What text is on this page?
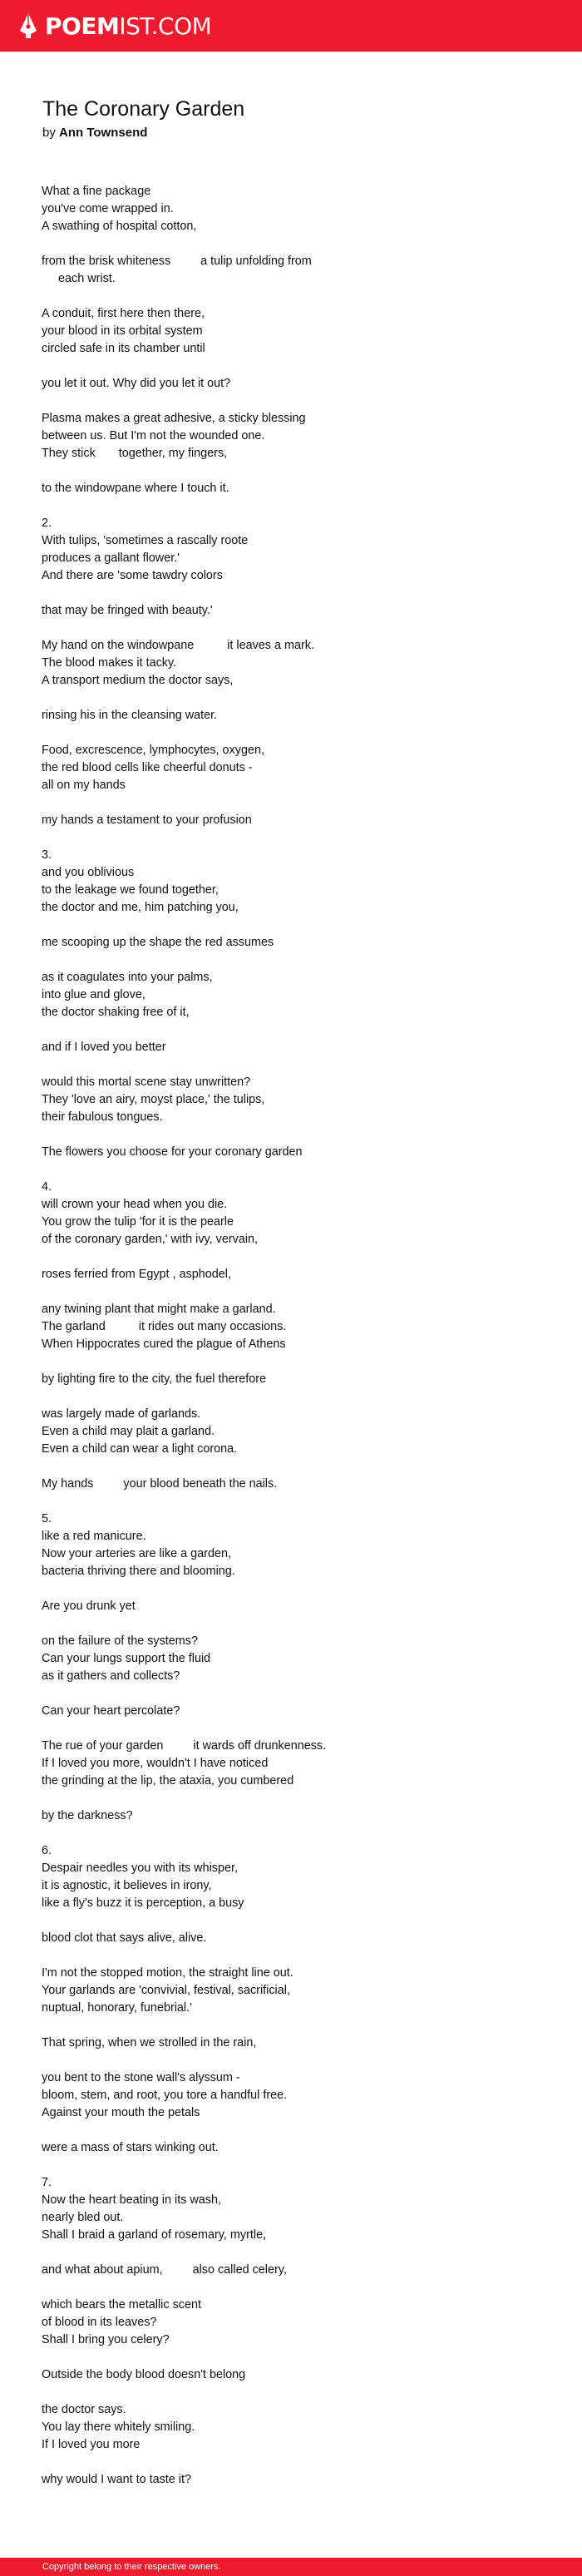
POEM IST.COM
The Coronary Garden
by Ann Townsend
What a fine package
you've come wrapped in.
A swathing of hospital cotton,
from the brisk whiteness         a tulip unfolding from
each wrist.
A conduit, first here then there,
your blood in its orbital system
circled safe in its chamber until
you let it out. Why did you let it out?
Plasma makes a great adhesive, a sticky blessing
between us. But I'm not the wounded one.
They stick       together, my fingers,
to the windowpane where I touch it.
2.
With tulips, 'sometimes a rascally roote
produces a gallant flower.'
And there are 'some tawdry colors
that may be fringed with beauty.'
My hand on the windowpane          it leaves a mark.
The blood makes it tacky.
A transport medium the doctor says,
rinsing his in the cleansing water.
Food, excrescence, lymphocytes, oxygen,
the red blood cells like cheerful donuts -
all on my hands
my hands a testament to your profusion
3.
and you oblivious
to the leakage we found together,
the doctor and me, him patching you,
me scooping up the shape the red assumes
as it coagulates into your palms,
into glue and glove,
the doctor shaking free of it,
and if I loved you better
would this mortal scene stay unwritten?
They 'love an airy, moyst place,' the tulips,
their fabulous tongues.
The flowers you choose for your coronary garden
4.
will crown your head when you die.
You grow the tulip 'for it is the pearle
of the coronary garden,' with ivy, vervain,
roses ferried from Egypt , asphodel,
any twining plant that might make a garland.
The garland          it rides out many occasions.
When Hippocrates cured the plague of Athens
by lighting fire to the city, the fuel therefore
was largely made of garlands.
Even a child may plait a garland.
Even a child can wear a light corona.
My hands         your blood beneath the nails.
5.
like a red manicure.
Now your arteries are like a garden,
bacteria thriving there and blooming.
Are you drunk yet
on the failure of the systems?
Can your lungs support the fluid
as it gathers and collects?
Can your heart percolate?
The rue of your garden         it wards off drunkenness.
If I loved you more, wouldn't I have noticed
the grinding at the lip, the ataxia, you cumbered
by the darkness?
6.
Despair needles you with its whisper,
it is agnostic, it believes in irony,
like a fly's buzz it is perception, a busy
blood clot that says alive, alive.
I'm not the stopped motion, the straight line out.
Your garlands are 'convivial, festival, sacrificial,
nuptual, honorary, funebrial.'
That spring, when we strolled in the rain,
you bent to the stone wall's alyssum -
bloom, stem, and root, you tore a handful free.
Against your mouth the petals
were a mass of stars winking out.
7.
Now the heart beating in its wash,
nearly bled out.
Shall I braid a garland of rosemary, myrtle,
and what about apium,         also called celery,
which bears the metallic scent
of blood in its leaves?
Shall I bring you celery?
Outside the body blood doesn't belong
the doctor says.
You lay there whitely smiling.
If I loved you more
why would I want to taste it?
Copyright belong to their respective owners.
